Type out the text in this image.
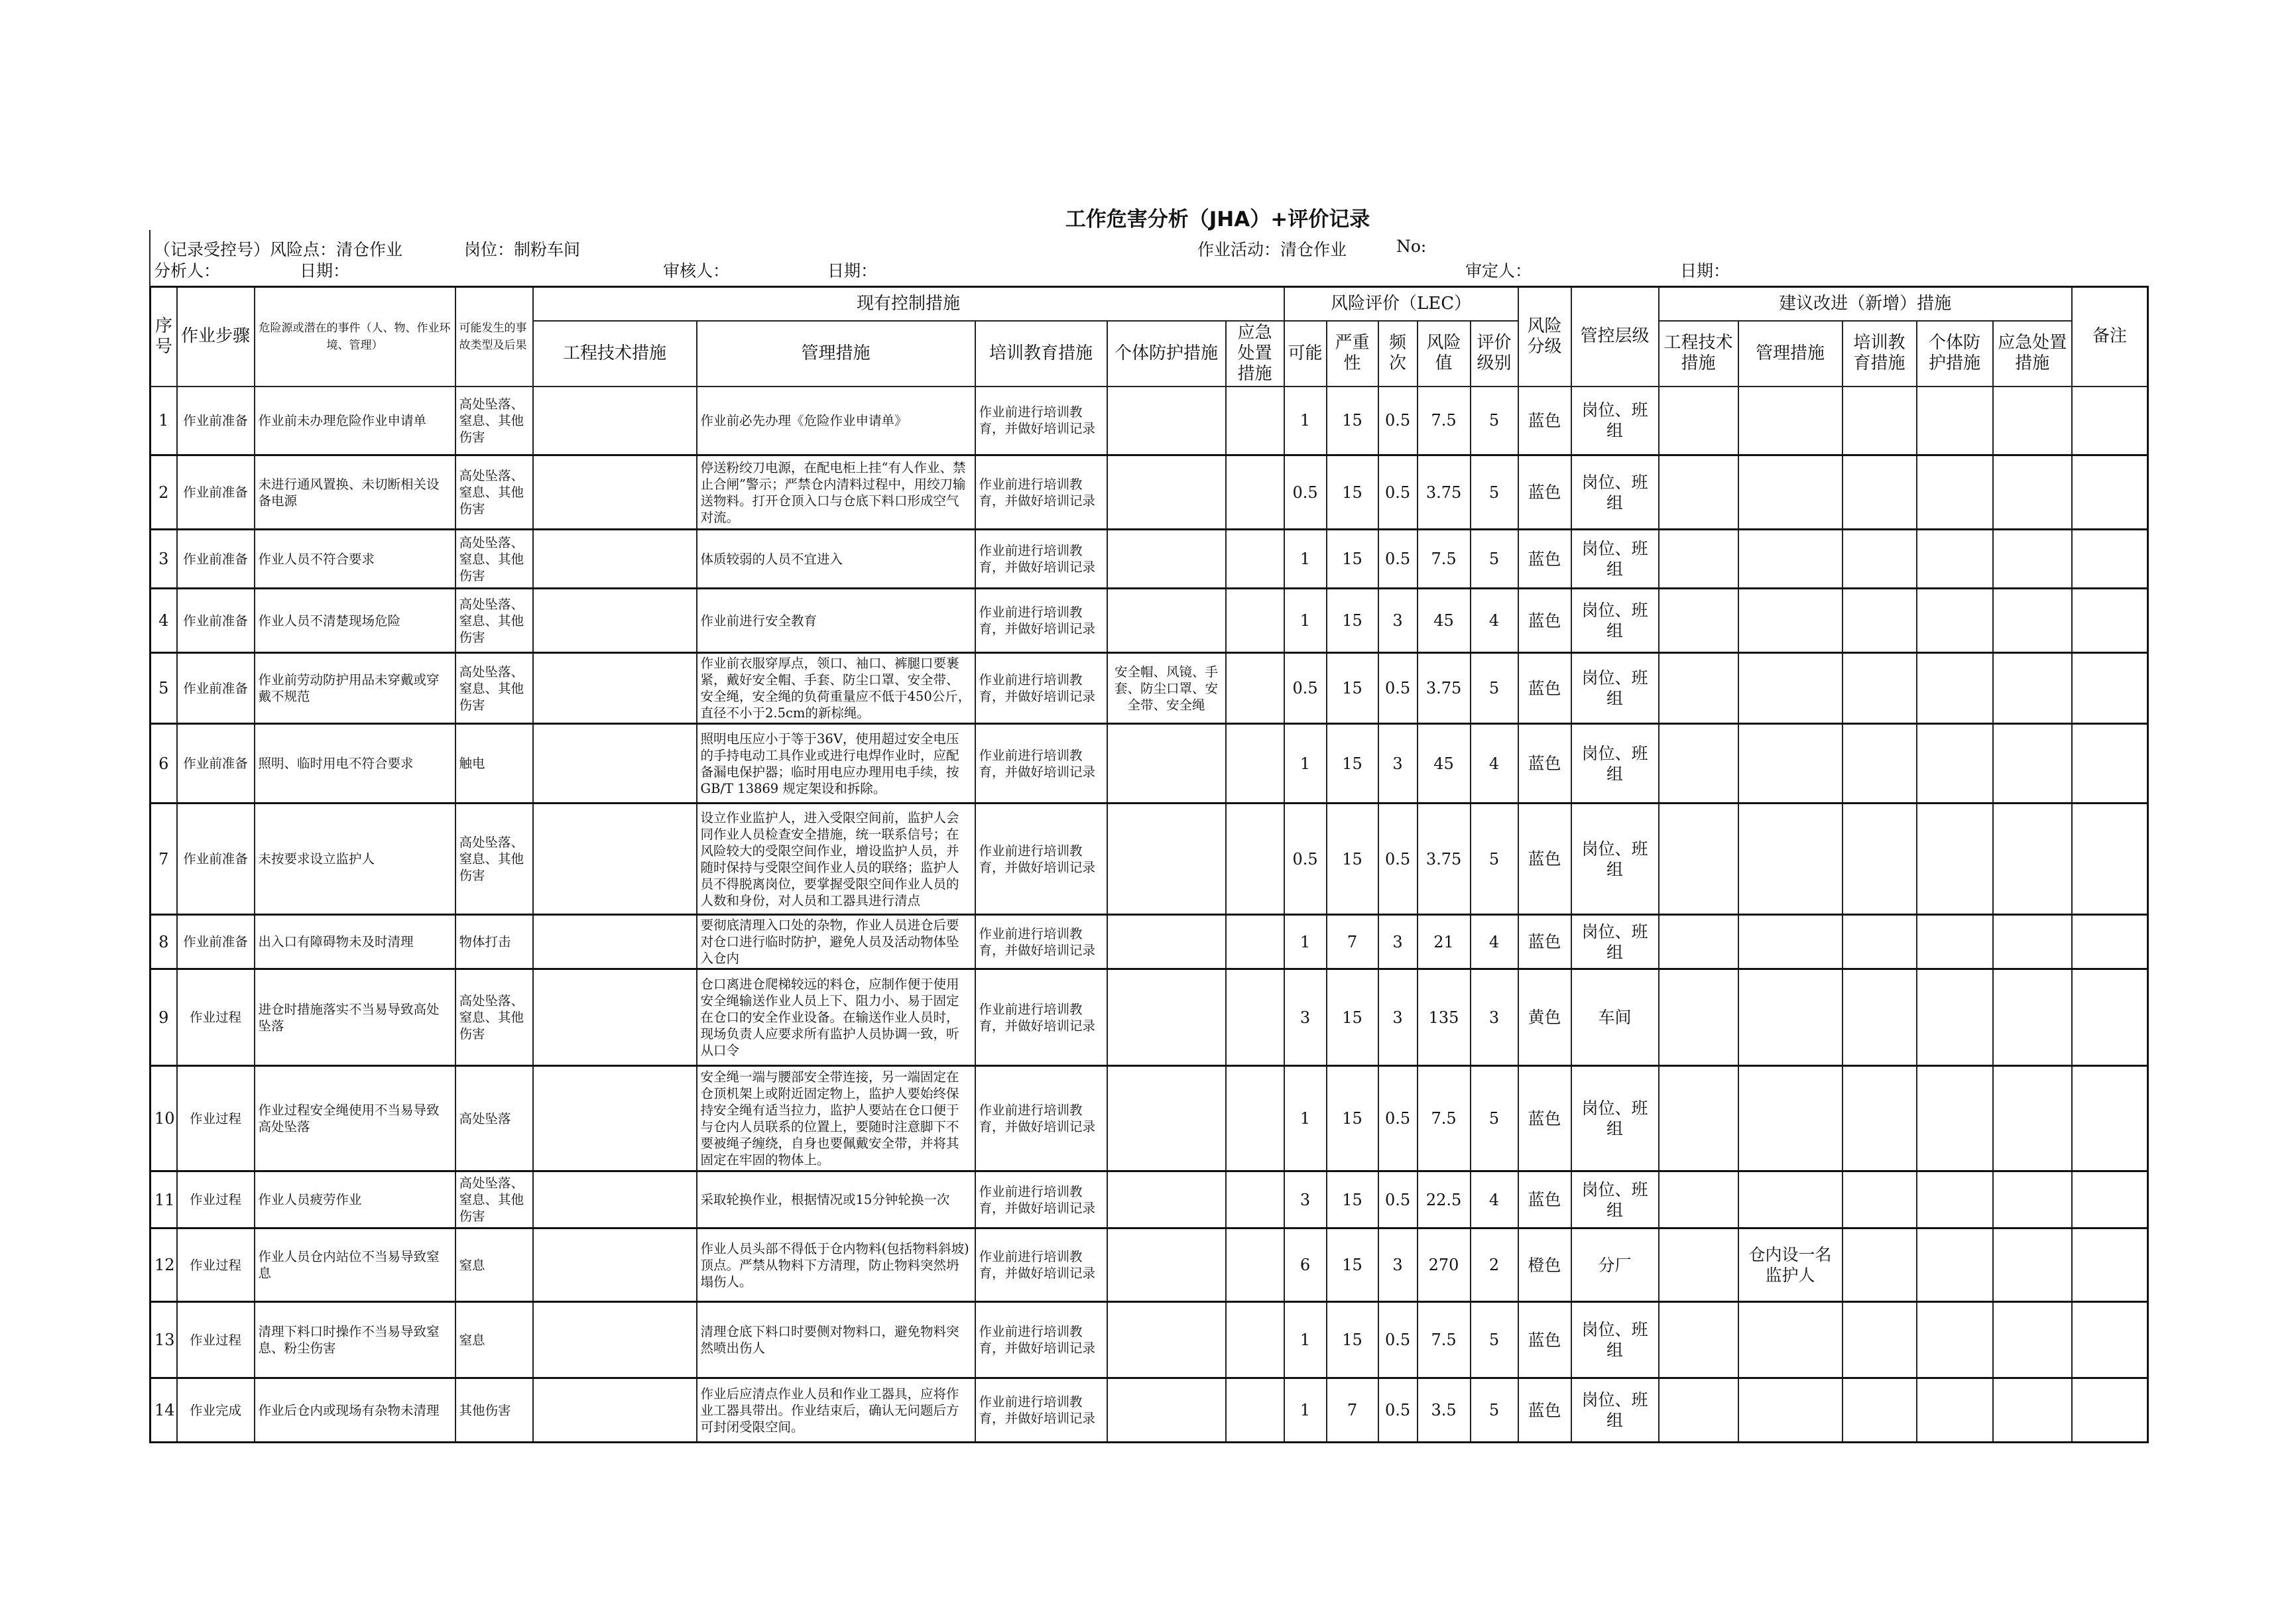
工作危害分析（JHA）+评价记录
（记录受控号）风险点：清仓作业	岗位：制粉车间	作业活动：清仓作业	No:
分析人：	日期：	审核人：	日期：	审定人：	日期：
序号	作业步骤	危险源或潜在的事件（人、物、作业环境、管理）	可能发生的事故类型及后果	现有控制措施					风险评价（LEC）					风险分级	管控层级	建议改进（新增）措施					备注
				工程技术措施	管理措施	培训教育措施	个体防护措施	应急处置措施	可能	严重性	频次	风险值	评价级别			工程技术措施	管理措施	培训教育措施	个体防护措施	应急处置措施	
1	作业前准备	作业前未办理危险作业申请单	高处坠落、窒息、其他伤害		作业前必先办理《危险作业申请单》	作业前进行培训教育，并做好培训记录			1	15	0.5	7.5	5	蓝色	岗位、班组						
2	作业前准备	未进行通风置换、未切断相关设备电源	高处坠落、窒息、其他伤害		停送粉绞刀电源，在配电柜上挂“有人作业、禁止合闸”警示；严禁仓内清料过程中，用绞刀输送物料。打开仓顶入口与仓底下料口形成空气对流。	作业前进行培训教育，并做好培训记录			0.5	15	0.5	3.75	5	蓝色	岗位、班组						
3	作业前准备	作业人员不符合要求	高处坠落、窒息、其他伤害		体质较弱的人员不宜进入	作业前进行培训教育，并做好培训记录			1	15	0.5	7.5	5	蓝色	岗位、班组						
4	作业前准备	作业人员不清楚现场危险	高处坠落、窒息、其他伤害		作业前进行安全教育	作业前进行培训教育，并做好培训记录			1	15	3	45	4	蓝色	岗位、班组						
5	作业前准备	作业前劳动防护用品未穿戴或穿戴不规范	高处坠落、窒息、其他伤害		作业前衣服穿厚点，领口、袖口、裤腿口要裹紧，戴好安全帽、手套、防尘口罩、安全带、安全绳，安全绳的负荷重量应不低于450公斤，直径不小于2.5cm的新棕绳。	作业前进行培训教育，并做好培训记录	安全帽、风镜、手套、防尘口罩、安全带、安全绳		0.5	15	0.5	3.75	5	蓝色	岗位、班组						
6	作业前准备	照明、临时用电不符合要求	触电		照明电压应小于等于36V，使用超过安全电压的手持电动工具作业或进行电焊作业时，应配备漏电保护器；临时用电应办理用电手续，按GB/T 13869 规定架设和拆除。	作业前进行培训教育，并做好培训记录			1	15	3	45	4	蓝色	岗位、班组						
7	作业前准备	未按要求设立监护人	高处坠落、窒息、其他伤害		设立作业监护人，进入受限空间前，监护人会同作业人员检查安全措施，统一联系信号；在风险较大的受限空间作业，增设监护人员，并随时保持与受限空间作业人员的联络；监护人员不得脱离岗位，要掌握受限空间作业人员的人数和身份，对人员和工器具进行清点	作业前进行培训教育，并做好培训记录			0.5	15	0.5	3.75	5	蓝色	岗位、班组						
8	作业前准备	出入口有障碍物未及时清理	物体打击		要彻底清理入口处的杂物，作业人员进仓后要对仓口进行临时防护，避免人员及活动物体坠入仓内	作业前进行培训教育，并做好培训记录			1	7	3	21	4	蓝色	岗位、班组						
9	作业过程	进仓时措施落实不当易导致高处坠落	高处坠落、窒息、其他伤害		仓口离进仓爬梯较远的料仓，应制作便于使用安全绳输送作业人员上下、阻力小、易于固定在仓口的安全作业设备。在输送作业人员时，现场负责人应要求所有监护人员协调一致，听从口令	作业前进行培训教育，并做好培训记录			3	15	3	135	3	黄色	车间						
10	作业过程	作业过程安全绳使用不当易导致高处坠落	高处坠落		安全绳一端与腰部安全带连接，另一端固定在仓顶机架上或附近固定物上，监护人要始终保持安全绳有适当拉力，监护人要站在仓口便于与仓内人员联系的位置上，要随时注意脚下不要被绳子缠绕，自身也要佩戴安全带，并将其固定在牢固的物体上。	作业前进行培训教育，并做好培训记录			1	15	0.5	7.5	5	蓝色	岗位、班组						
11	作业过程	作业人员疲劳作业	高处坠落、窒息、其他伤害		采取轮换作业，根据情况或15分钟轮换一次	作业前进行培训教育，并做好培训记录			3	15	0.5	22.5	4	蓝色	岗位、班组						
12	作业过程	作业人员仓内站位不当易导致窒息	窒息		作业人员头部不得低于仓内物料(包括物料斜坡)顶点。严禁从物料下方清理，防止物料突然坍塌伤人。	作业前进行培训教育，并做好培训记录			6	15	3	270	2	橙色	分厂		仓内设一名监护人				
13	作业过程	清理下料口时操作不当易导致窒息、粉尘伤害	窒息		清理仓底下料口时要侧对物料口，避免物料突然喷出伤人	作业前进行培训教育，并做好培训记录			1	15	0.5	7.5	5	蓝色	岗位、班组						
14	作业完成	作业后仓内或现场有杂物未清理	其他伤害		作业后应清点作业人员和作业工器具，应将作业工器具带出。作业结束后，确认无问题后方可封闭受限空间。	作业前进行培训教育，并做好培训记录			1	7	0.5	3.5	5	蓝色	岗位、班组						
